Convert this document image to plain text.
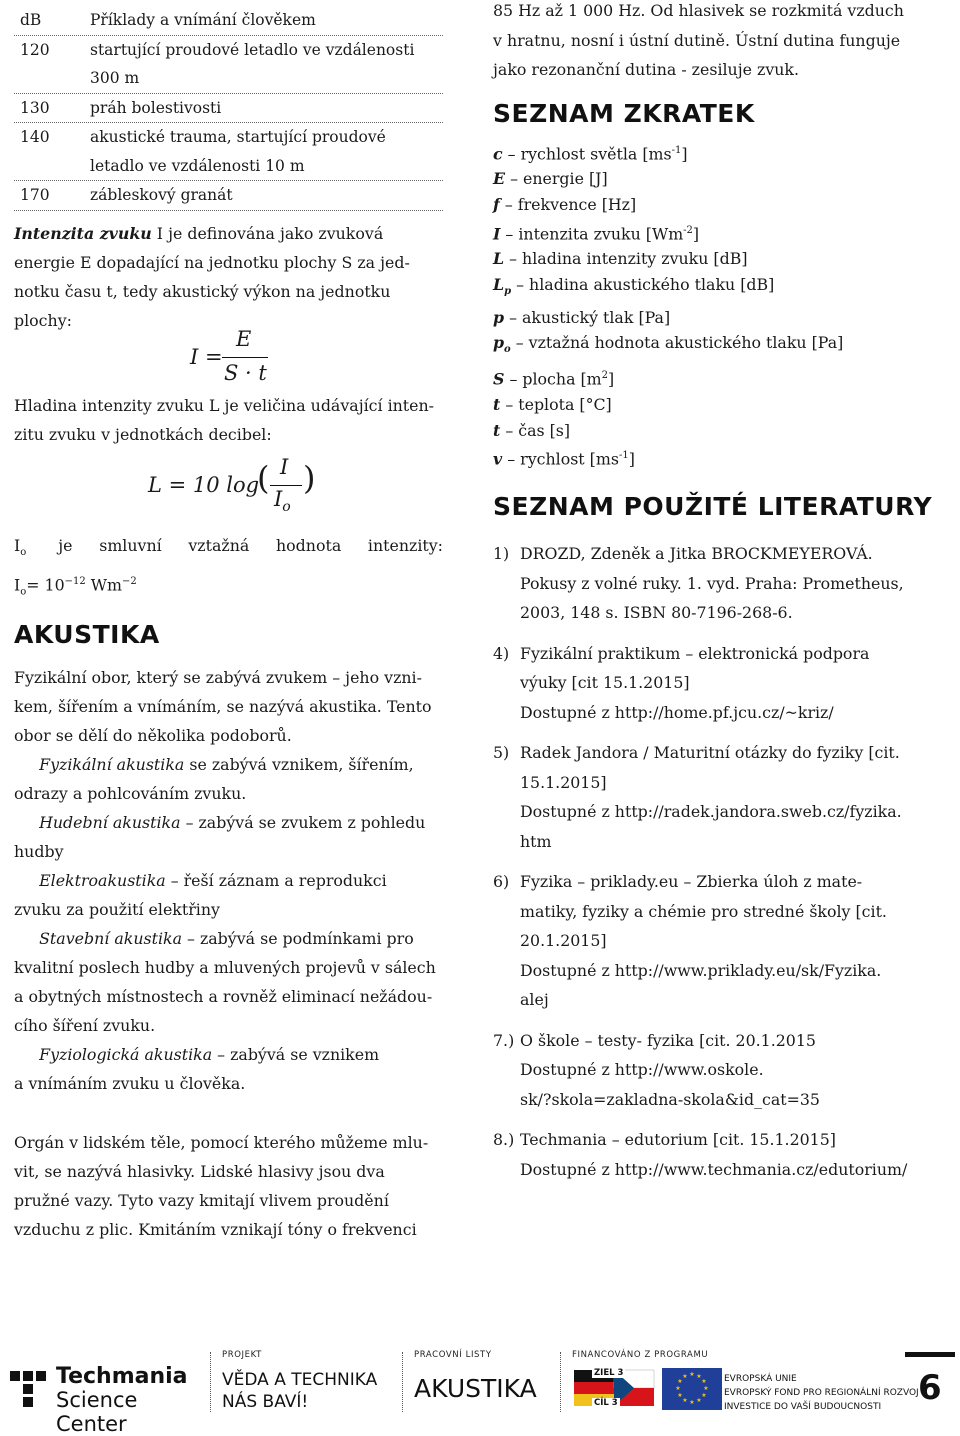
dB	Příklady a vnímání člověkem
120	startující proudové letadlo ve vzdálenosti
300 m
130	práh bolestivosti
140	akustické trauma, startující proudové
letadlo ve vzdálenosti 10 m
170	zábleskový granát
Intenzita zvuku I je definována jako zvuková
energie E dopadající na jednotku plochy S za jed-
notku času t, tedy akustický výkon na jednotku
plochy:
I =
E
S · t
Hladina intenzity zvuku L je veličina udávající inten-
zitu zvuku v jednotkách decibel:
L = 10 log
( I
$I_o$
)
$I_o$	je smluvní vztažná hodnota intenzity:
$I_o= 10^{-12}$ $Wm^{-2}$
AKUSTIKA
Fyzikální obor, který se zabývá zvukem – jeho vzni-
kem, šířením a vnímáním, se nazývá akustika. Tento
obor se dělí do několika podoborů.
Fyzikální akustika se zabývá vznikem, šířením,
odrazy a pohlcováním zvuku.
Hudební akustika – zabývá se zvukem z pohledu
hudby
Elektroakustika – řeší záznam a reprodukci
zvuku za použití elektřiny
Stavební akustika – zabývá se podmínkami pro
kvalitní poslech hudby a mluvených projevů v sálech
a obytných místnostech a rovněž eliminací nežádou-
cího šíření zvuku.
Fyziologická akustika – zabývá se vznikem
a vnímáním zvuku u člověka.
Orgán v lidském těle, pomocí kterého můžeme mlu-
vit, se nazývá hlasivky. Lidské hlasivy jsou dva
pružné vazy. Tyto vazy kmitají vlivem proudění
vzduchu z plic. Kmitáním vznikají tóny o frekvenci
85 Hz až 1 000 Hz. Od hlasivek se rozkmitá vzduch
v hratnu, nosní i ústní dutině. Ústní dutina funguje
jako rezonanční dutina - zesiluje zvuk.
SEZNAM ZKRATEK
c – rychlost světla $[ms^{-1}]$
E – energie [J]
f – frekvence [Hz]
I – intenzita zvuku $[Wm^{-2}]$
L – hladina intenzity zvuku [dB]
$L_p$ – hladina akustického tlaku [dB]
p – akustický tlak [Pa]
$p_o$ – vztažná hodnota akustického tlaku [Pa]
S – plocha $[m^2]$
t – teplota [°C]
t – čas [s]
v – rychlost $[ms^{-1}]$
SEZNAM POUŽITÉ LITERATURY
1) DROZD, Zdeněk a Jitka BROCKMEYEROVÁ.
Pokusy z volné ruky. 1. vyd. Praha: Prometheus,
2003, 148 s. ISBN 80-7196-268-6.
4) Fyzikální praktikum – elektronická podpora
výuky [cit 15.1.2015]
Dostupné z http://home.pf.jcu.cz/~kriz/
5) Radek Jandora / Maturitní otázky do fyziky [cit.
15.1.2015]
Dostupné z http://radek.jandora.sweb.cz/fyzika.
htm
6) Fyzika – priklady.eu – Zbierka úloh z mate-
matiky, fyziky a chémie pro stredné školy [cit.
20.1.2015]
Dostupné z http://www.priklady.eu/sk/Fyzika.
alej
7.) O škole – testy- fyzika [cit. 20.1.2015
Dostupné z http://www.oskole.
sk/?skola=zakladna-skola&id_cat=35
8.) Techmania – edutorium [cit. 15.1.2015]
Dostupné z http://www.techmania.cz/edutorium/
Techmania
Science Center
PROJEKT
VĚDA A TECHNIKA
NÁS BAVÍ!
PRACOVNÍ LISTY
AKUSTIKA
FINANCOVÁNO Z PROGRAMU
ZIEL 3
CÍL 3
★ ★
★
★
★
★
★
★
★
★
★
★	EVROPSKÁ UNIE
EVROPSKÝ FOND PRO REGIONÁLNÍ ROZVOJ
INVESTICE DO VAŠÍ BUDOUCNOSTI 6
